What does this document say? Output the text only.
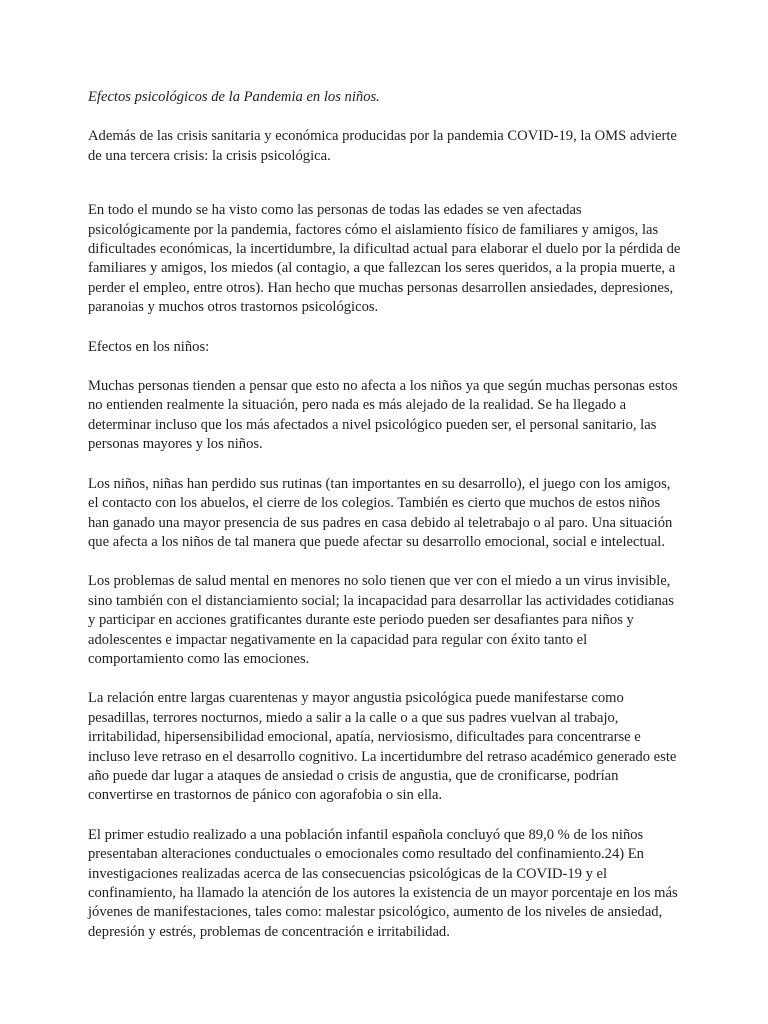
Efectos psicológicos de la Pandemia en los niños.

Además de las crisis sanitaria y económica producidas por la pandemia COVID-19, la OMS advierte de una tercera crisis: la crisis psicológica.

En todo el mundo se ha visto como las personas de todas las edades se ven afectadas psicológicamente por la pandemia, factores cómo el aislamiento físico de familiares y amigos, las dificultades económicas, la incertidumbre, la dificultad actual para elaborar el duelo por la pérdida de familiares y amigos, los miedos (al contagio, a que fallezcan los seres queridos, a la propia muerte, a perder el empleo, entre otros). Han hecho que muchas personas desarrollen ansiedades, depresiones, paranoias y muchos otros trastornos psicológicos.

Efectos en los niños:

Muchas personas tienden a pensar que esto no afecta a los niños ya que según muchas personas estos no entienden realmente la situación, pero nada es más alejado de la realidad. Se ha llegado a determinar incluso que los más afectados a nivel psicológico pueden ser, el personal sanitario, las personas mayores y los niños.

Los niños, niñas han perdido sus rutinas (tan importantes en su desarrollo), el juego con los amigos, el contacto con los abuelos, el cierre de los colegios. También es cierto que muchos de estos niños han ganado una mayor presencia de sus padres en casa debido al teletrabajo o al paro. Una situación que afecta a los niños de tal manera que puede afectar su desarrollo emocional, social e intelectual.

Los problemas de salud mental en menores no solo tienen que ver con el miedo a un virus invisible, sino también con el distanciamiento social; la incapacidad para desarrollar las actividades cotidianas y participar en acciones gratificantes durante este periodo pueden ser desafiantes para niños y adolescentes e impactar negativamente en la capacidad para regular con éxito tanto el comportamiento como las emociones.

La relación entre largas cuarentenas y mayor angustia psicológica puede manifestarse como pesadillas, terrores nocturnos, miedo a salir a la calle o a que sus padres vuelvan al trabajo, irritabilidad, hipersensibilidad emocional, apatía, nerviosismo, dificultades para concentrarse e incluso leve retraso en el desarrollo cognitivo. La incertidumbre del retraso académico generado este año puede dar lugar a ataques de ansiedad o crisis de angustia, que de cronificarse, podrían convertirse en trastornos de pánico con agorafobia o sin ella.

El primer estudio realizado a una población infantil española concluyó que 89,0 % de los niños presentaban alteraciones conductuales o emocionales como resultado del confinamiento.24) En investigaciones realizadas acerca de las consecuencias psicológicas de la COVID-19 y el confinamiento, ha llamado la atención de los autores la existencia de un mayor porcentaje en los más jóvenes de manifestaciones, tales como: malestar psicológico, aumento de los niveles de ansiedad, depresión y estrés, problemas de concentración e irritabilidad.
